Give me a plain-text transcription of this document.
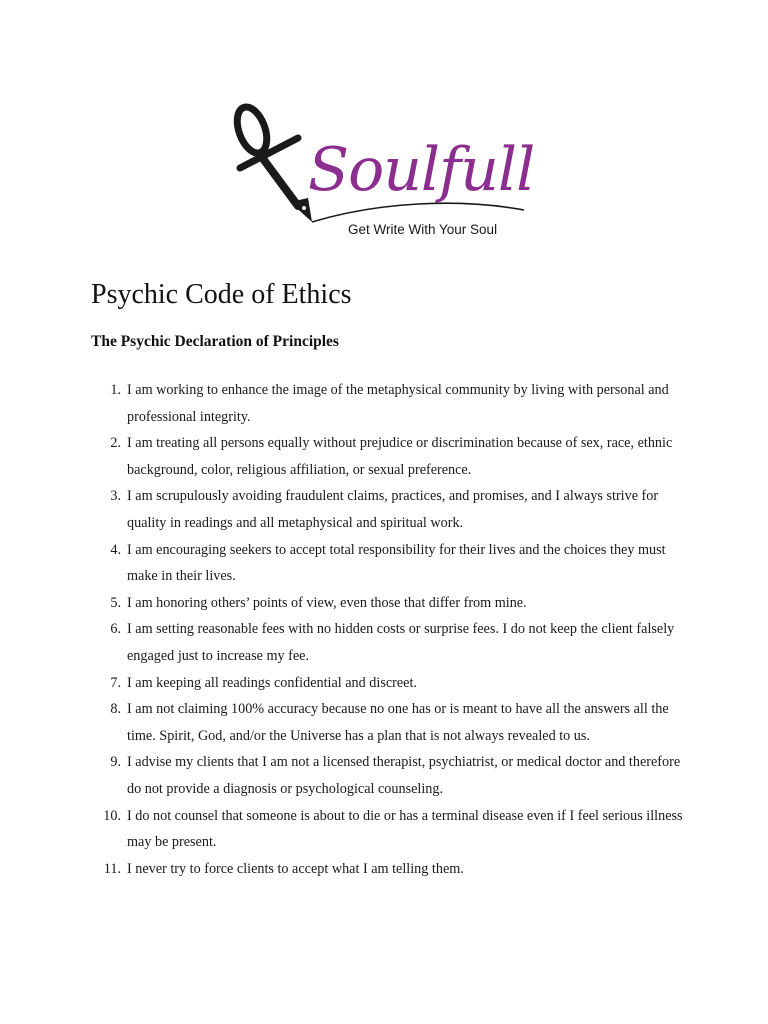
Soulfull
Get Write With Your Soul
Psychic Code of Ethics
The Psychic Declaration of Principles
1. I am working to enhance the image of the metaphysical community by living with personal and professional integrity.
2. I am treating all persons equally without prejudice or discrimination because of sex, race, ethnic background, color, religious affiliation, or sexual preference.
3. I am scrupulously avoiding fraudulent claims, practices, and promises, and I always strive for quality in readings and all metaphysical and spiritual work.
4. I am encouraging seekers to accept total responsibility for their lives and the choices they must make in their lives.
5. I am honoring others’ points of view, even those that differ from mine.
6. I am setting reasonable fees with no hidden costs or surprise fees. I do not keep the client falsely engaged just to increase my fee.
7. I am keeping all readings confidential and discreet.
8. I am not claiming 100% accuracy because no one has or is meant to have all the answers all the time. Spirit, God, and/or the Universe has a plan that is not always revealed to us.
9. I advise my clients that I am not a licensed therapist, psychiatrist, or medical doctor and therefore do not provide a diagnosis or psychological counseling.
10. I do not counsel that someone is about to die or has a terminal disease even if I feel serious illness may be present.
11. I never try to force clients to accept what I am telling them.
